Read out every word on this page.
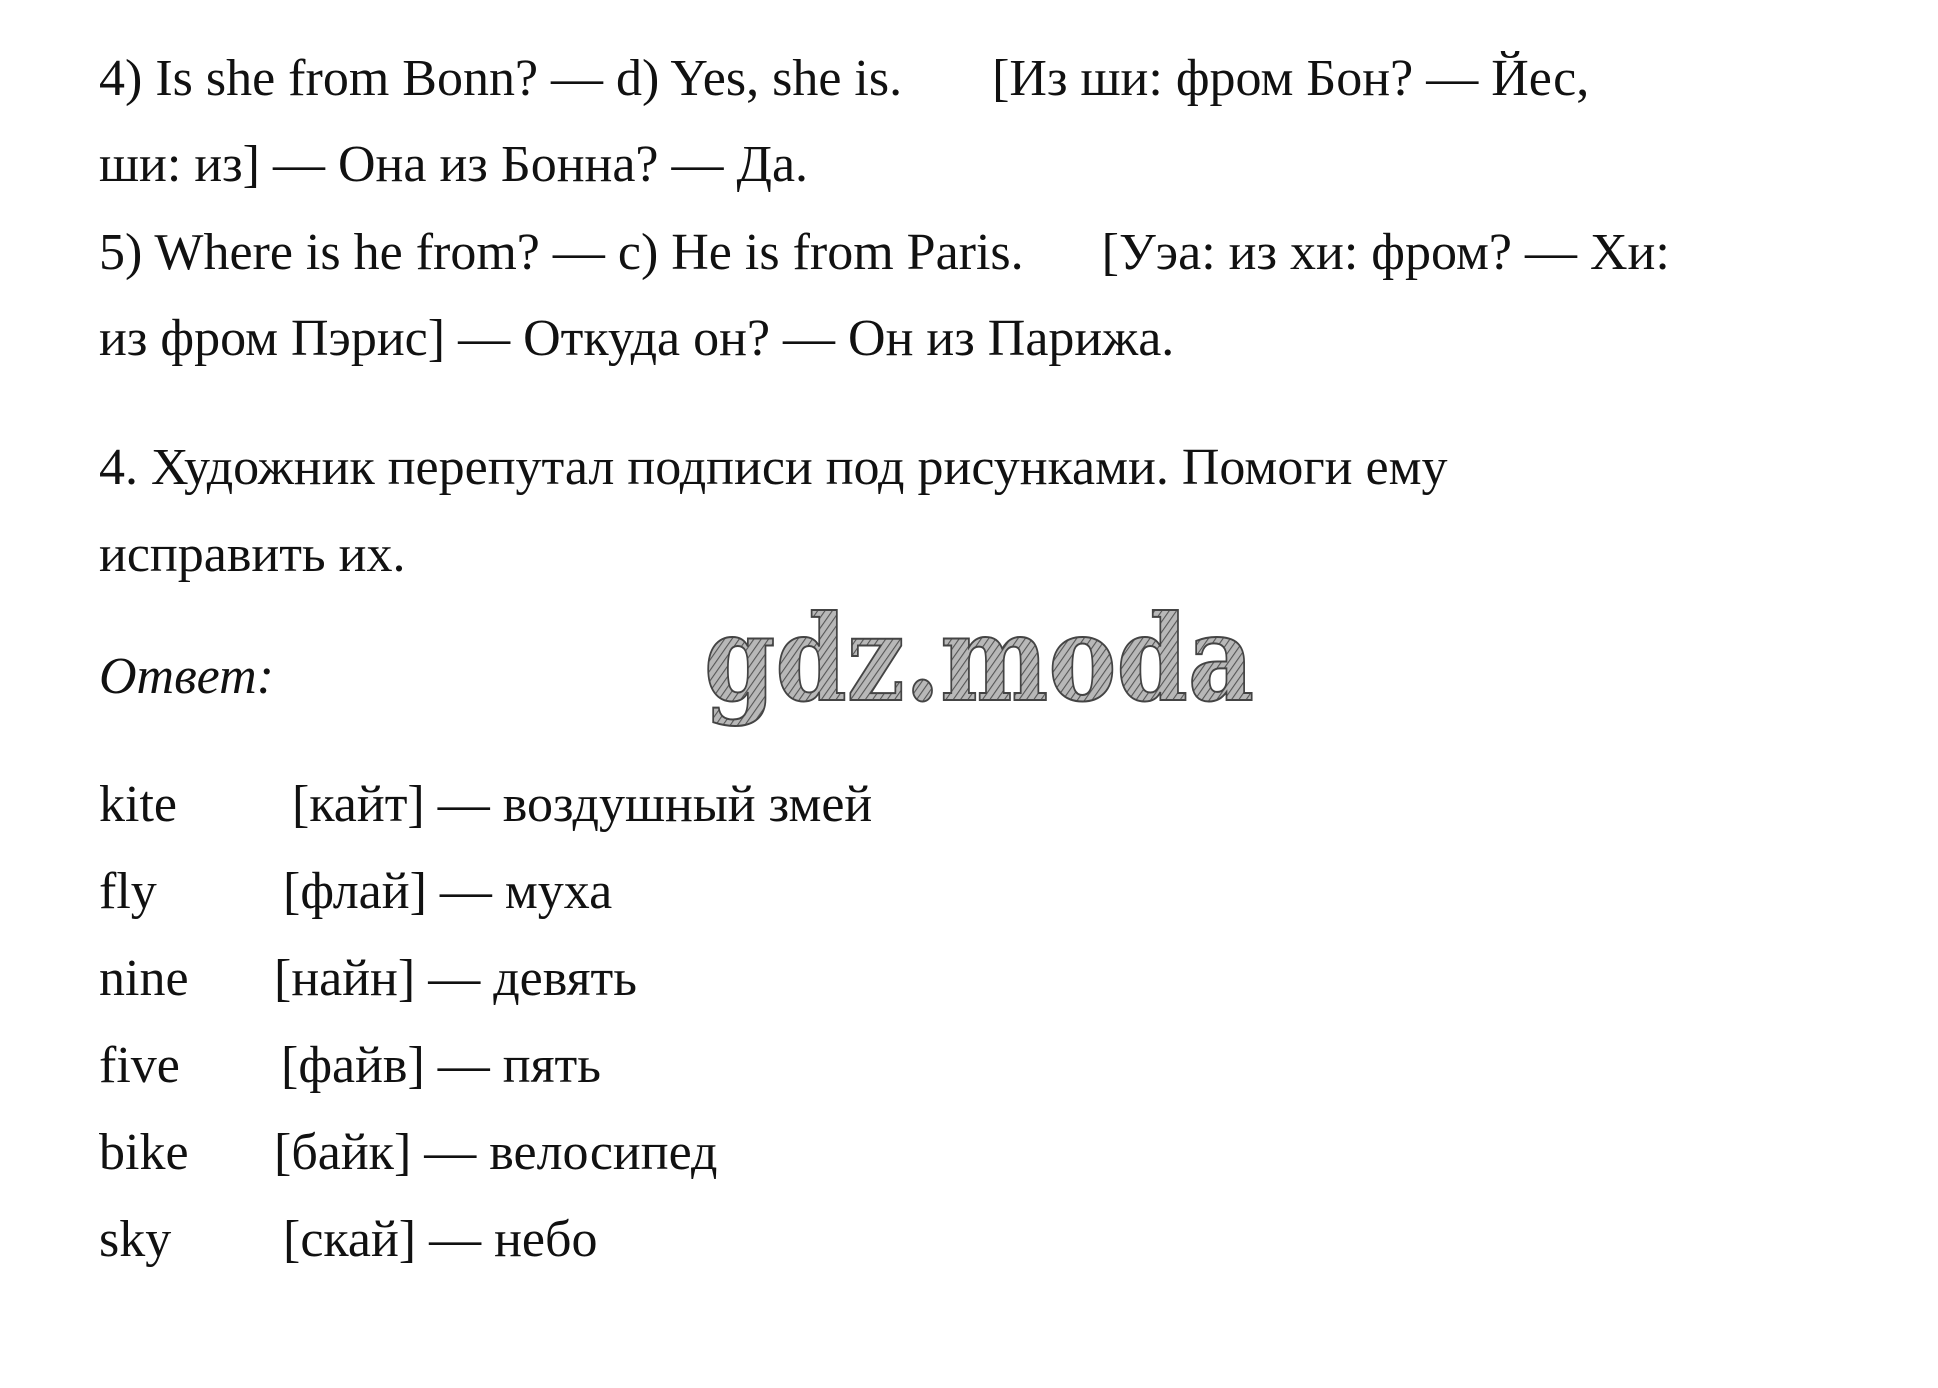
4) Is she from Bonn? — d) Yes, she is. [Из ши: фром Бон? — Йес,
ши: из] — Она из Бонна? — Да.
5) Where is he from? — c) He is from Paris. [Уэа: из хи: фром? — Хи:
из фром Пэрис] — Откуда он? — Он из Парижа.
4. Художник перепутал подписи под рисунками. Помоги ему
исправить их.
Ответ:	gdz.moda
kite [кайт] — воздушный змей
fly [флай] — муха
nine [найн] — девять
five [файв] — пять
bike [байк] — велосипед
sky [скай] — небо
